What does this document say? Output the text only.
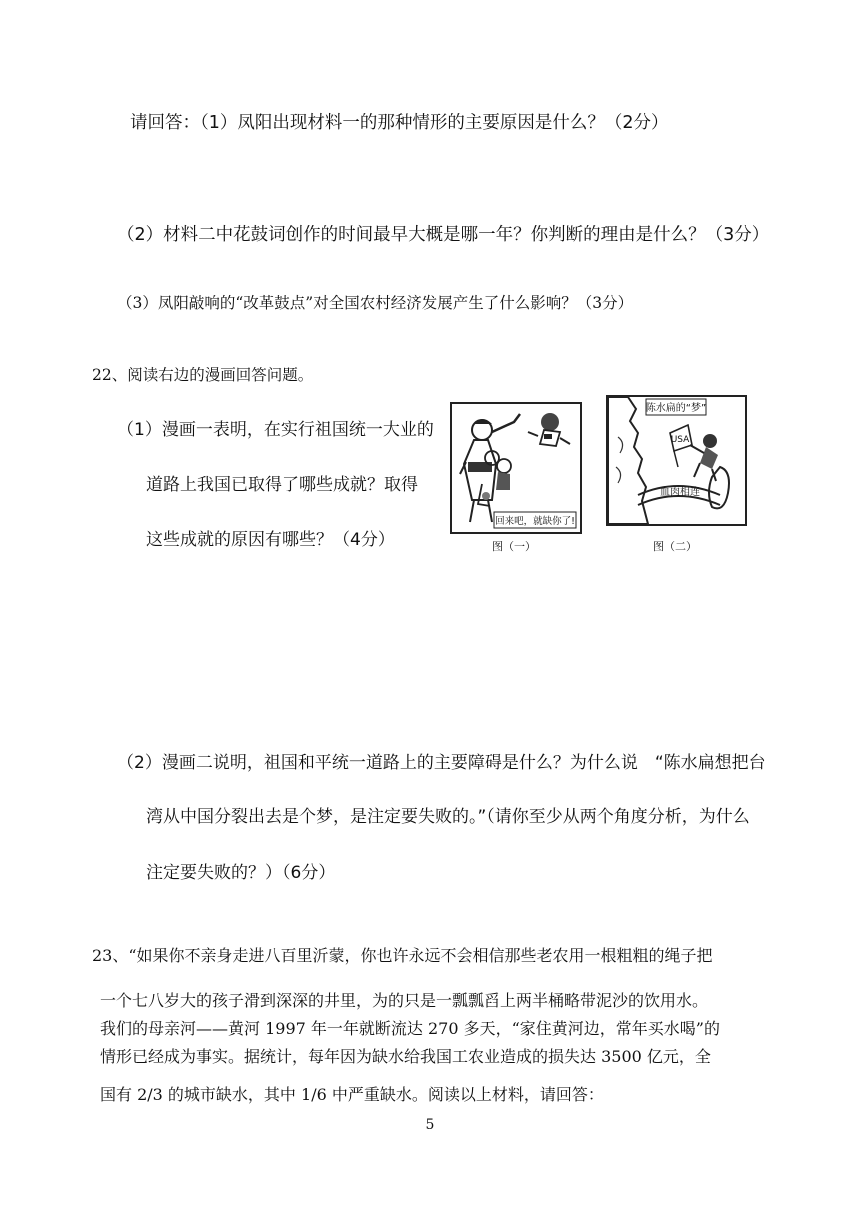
请回答：（1）凤阳出现材料一的那种情形的主要原因是什么？（2分）
（2）材料二中花鼓词创作的时间最早大概是哪一年？你判断的理由是什么？（3分）
（3）凤阳敲响的“改革鼓点”对全国农村经济发展产生了什么影响？（3分）
22、阅读右边的漫画回答问题。
（1）漫画一表明，在实行祖国统一大业的
道路上我国已取得了哪些成就？取得
这些成就的原因有哪些？（4分）
回来吧，就缺你了!
图（一）
血肉相连
USA
陈水扁的“梦”
图（二）
（2）漫画二说明，祖国和平统一道路上的主要障碍是什么？为什么说　“陈水扁想把台
湾从中国分裂出去是个梦，是注定要失败的。”（请你至少从两个角度分析，为什么
注定要失败的？）（6分）
23、“如果你不亲身走进八百里沂蒙，你也许永远不会相信那些老农用一根粗粗的绳子把
一个七八岁大的孩子滑到深深的井里，为的只是一瓢瓢舀上两半桶略带泥沙的饮用水。
我们的母亲河——黄河 1997 年一年就断流达 270 多天，“家住黄河边，常年买水喝”的
情形已经成为事实。据统计，每年因为缺水给我国工农业造成的损失达 3500 亿元，全
国有 2/3 的城市缺水，其中 1/6 中严重缺水。阅读以上材料，请回答：
5
